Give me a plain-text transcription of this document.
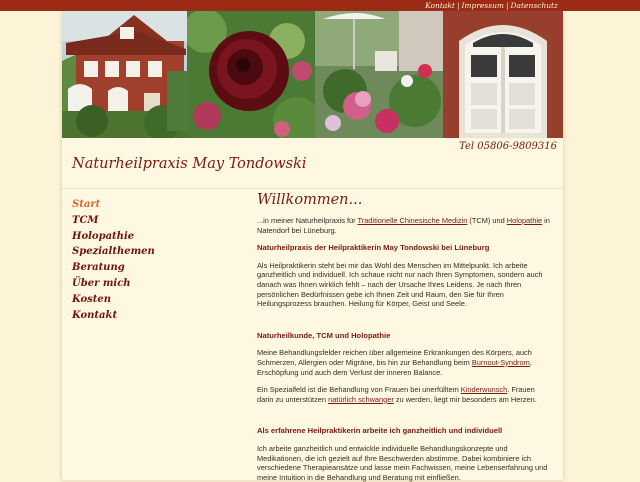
Kontakt | Impressum | Datenschutz
Tel 05806-9809316
Naturheilpraxis May Tondowski
Start
TCM
Holopathie
Spezialthemen
Beratung
Über mich
Kosten
Kontakt
Willkommen...

...in meiner Naturheilpraxis für Traditionelle Chinesische Medizin (TCM) und Holopathie in Natendorf bei Lüneburg.

Naturheilpraxis der Heilpraktikerin May Tondowski bei Lüneburg

Als Heilpraktikerin steht bei mir das Wohl des Menschen im Mittelpunkt. Ich arbeite ganzheitlich und individuell. Ich schaue nicht nur nach Ihren Symptomen, sondern auch danach was Ihnen wirklich fehlt – nach der Ursache Ihres Leidens. Je nach Ihren persönlichen Bedürfnissen gebe ich Ihnen Zeit und Raum, den Sie für Ihren Heilungsprozess brauchen. Heilung für Körper, Geist und Seele.

Naturheilkunde, TCM und Holopathie

Meine Behandlungsfelder reichen über allgemeine Erkrankungen des Körpers, auch Schmerzen, Allergien oder Migräne, bis hin zur Behandlung beim Burnout-Syndrom, Erschöpfung und auch dem Verlust der inneren Balance.

Ein Spezialfeld ist die Behandlung von Frauen bei unerfülltem Kinderwunsch. Frauen darin zu unterstützen natürlich schwanger zu werden, liegt mir besonders am Herzen.

Als erfahrene Heilpraktikerin arbeite ich ganzheitlich und individuell

Ich arbeite ganzheitlich und entwickle individuelle Behandlungskonzepte und Medikationen, die ich gezielt auf Ihre Beschwerden abstimme. Dabei kombiniere ich verschiedene Therapieansätze und lasse mein Fachwissen, meine Lebenserfahrung und meine Intuition in die Behandlung und Beratung mit einfließen.
